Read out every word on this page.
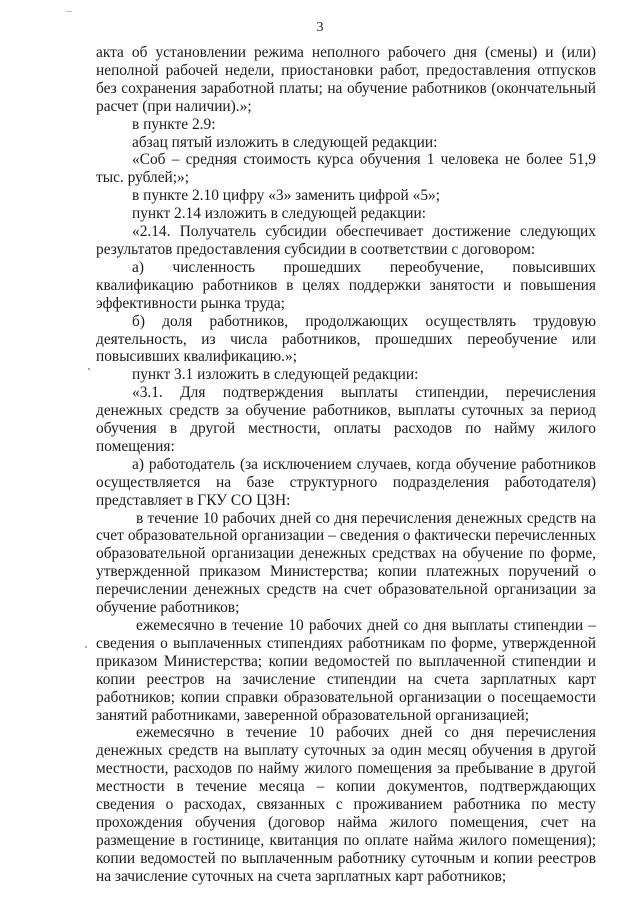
3

акта об установлении режима неполного рабочего дня (смены) и (или) неполной рабочей недели, приостановки работ, предоставления отпусков без сохранения заработной платы; на обучение работников (окончательный расчет (при наличии).»;

в пункте 2.9:

абзац пятый изложить в следующей редакции:

«Соб – средняя стоимость курса обучения 1 человека не более 51,9 тыс. рублей;»;

в пункте 2.10 цифру «3» заменить цифрой «5»;

пункт 2.14 изложить в следующей редакции:

«2.14. Получатель субсидии обеспечивает достижение следующих результатов предоставления субсидии в соответствии с договором:

а) численность прошедших переобучение, повысивших квалификацию работников в целях поддержки занятости и повышения эффективности рынка труда;

б) доля работников, продолжающих осуществлять трудовую деятельность, из числа работников, прошедших переобучение или повысивших квалификацию.»;

пункт 3.1 изложить в следующей редакции:

«3.1. Для подтверждения выплаты стипендии, перечисления денежных средств за обучение работников, выплаты суточных за период обучения в другой местности, оплаты расходов по найму жилого помещения:

а) работодатель (за исключением случаев, когда обучение работников осуществляется на базе структурного подразделения работодателя) представляет в ГКУ СО ЦЗН:

в течение 10 рабочих дней со дня перечисления денежных средств на счет образовательной организации – сведения о фактически перечисленных образовательной организации денежных средствах на обучение по форме, утвержденной приказом Министерства; копии платежных поручений о перечислении денежных средств на счет образовательной организации за обучение работников;

ежемесячно в течение 10 рабочих дней со дня выплаты стипендии – сведения о выплаченных стипендиях работникам по форме, утвержденной приказом Министерства; копии ведомостей по выплаченной стипендии и копии реестров на зачисление стипендии на счета зарплатных карт работников; копии справки образовательной организации о посещаемости занятий работниками, заверенной образовательной организацией;

ежемесячно в течение 10 рабочих дней со дня перечисления денежных средств на выплату суточных за один месяц обучения в другой местности, расходов по найму жилого помещения за пребывание в другой местности в течение месяца – копии документов, подтверждающих сведения о расходах, связанных с проживанием работника по месту прохождения обучения (договор найма жилого помещения, счет на размещение в гостинице, квитанция по оплате найма жилого помещения); копии ведомостей по выплаченным работнику суточным и копии реестров на зачисление суточных на счета зарплатных карт работников;
